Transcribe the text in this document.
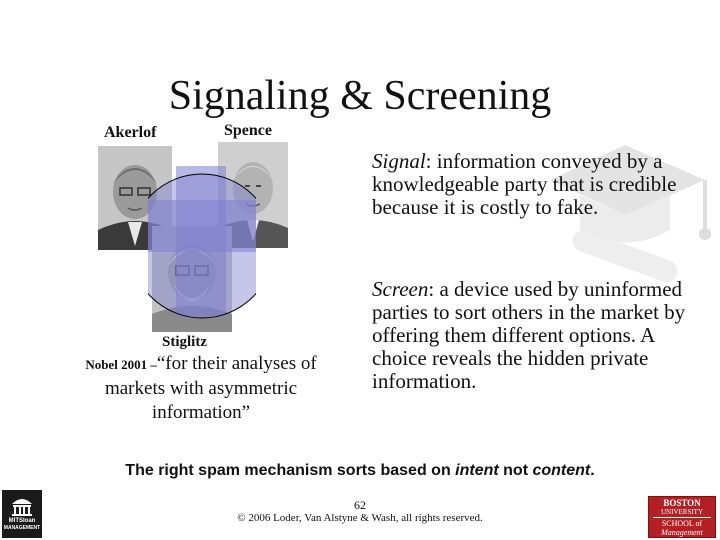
Signaling & Screening
Akerlof	Spence
Stiglitz
Nobel 2001 –“for their analyses of
markets with asymmetric
information”
Signal: information conveyed by a knowledgeable party that is credible because it is costly to fake.
Screen: a device used by uninformed parties to sort others in the market by offering them different options. A choice reveals the hidden private information.
The right spam mechanism sorts based on intent not content.
62
© 2006 Loder, Van Alstyne & Wash, all rights reserved.
MITSloan
MANAGEMENT
BOSTON
UNIVERSITY
SCHOOL of
Management
